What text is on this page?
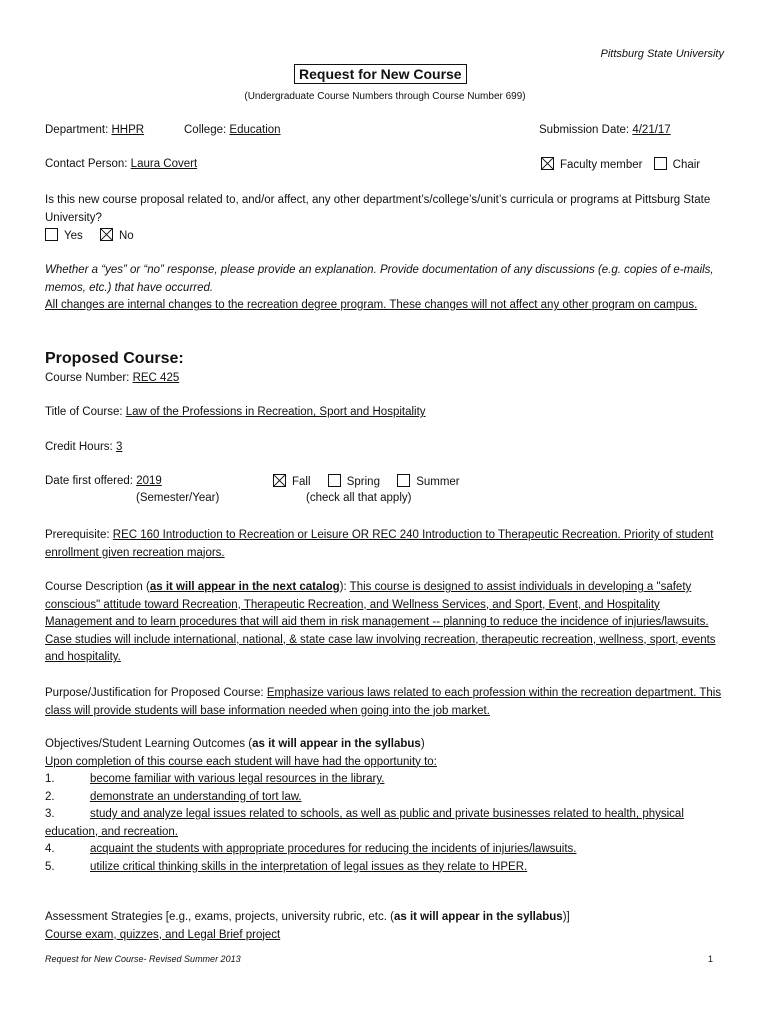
Pittsburg State University
Request for New Course
(Undergraduate Course Numbers through Course Number 699)
Department: HHPR	College: Education	Submission Date: 4/21/17
Contact Person: Laura Covert	Faculty member	Chair
Is this new course proposal related to, and/or affect, any other department’s/college’s/unit’s curricula or programs at Pittsburg State University?
Yes	No
Whether a “yes” or “no” response, please provide an explanation. Provide documentation of any discussions (e.g. copies of e-mails, memos, etc.) that have occurred.
All changes are internal changes to the recreation degree program. These changes will not affect any other program on campus.
Proposed Course:
Course Number: REC 425
Title of Course: Law of the Professions in Recreation, Sport and Hospitality
Credit Hours: 3
Date first offered: 2019
(Semester/Year)
Fall	Spring	Summer
(check all that apply)
Prerequisite: REC 160 Introduction to Recreation or Leisure OR REC 240 Introduction to Therapeutic Recreation. Priority of student enrollment given recreation majors.
Course Description (as it will appear in the next catalog): This course is designed to assist individuals in developing a "safety conscious" attitude toward Recreation, Therapeutic Recreation, and Wellness Services, and Sport, Event, and Hospitality Management and to learn procedures that will aid them in risk management -- planning to reduce the incidence of injuries/lawsuits. Case studies will include international, national, & state case law involving recreation, therapeutic recreation, wellness, sport, events and hospitality.
Purpose/Justification for Proposed Course: Emphasize various laws related to each profession within the recreation department. This class will provide students will base information needed when going into the job market.
Objectives/Student Learning Outcomes (as it will appear in the syllabus)
Upon completion of this course each student will have had the opportunity to:
1.	become familiar with various legal resources in the library.
2.	demonstrate an understanding of tort law.
3.	study and analyze legal issues related to schools, as well as public and private businesses related to health, physical education, and recreation.
4.	acquaint the students with appropriate procedures for reducing the incidents of injuries/lawsuits.
5.	utilize critical thinking skills in the interpretation of legal issues as they relate to HPER.
Assessment Strategies [e.g., exams, projects, university rubric, etc. (as it will appear in the syllabus)]
Course exam, quizzes, and Legal Brief project
Request for New Course- Revised Summer 2013	1
